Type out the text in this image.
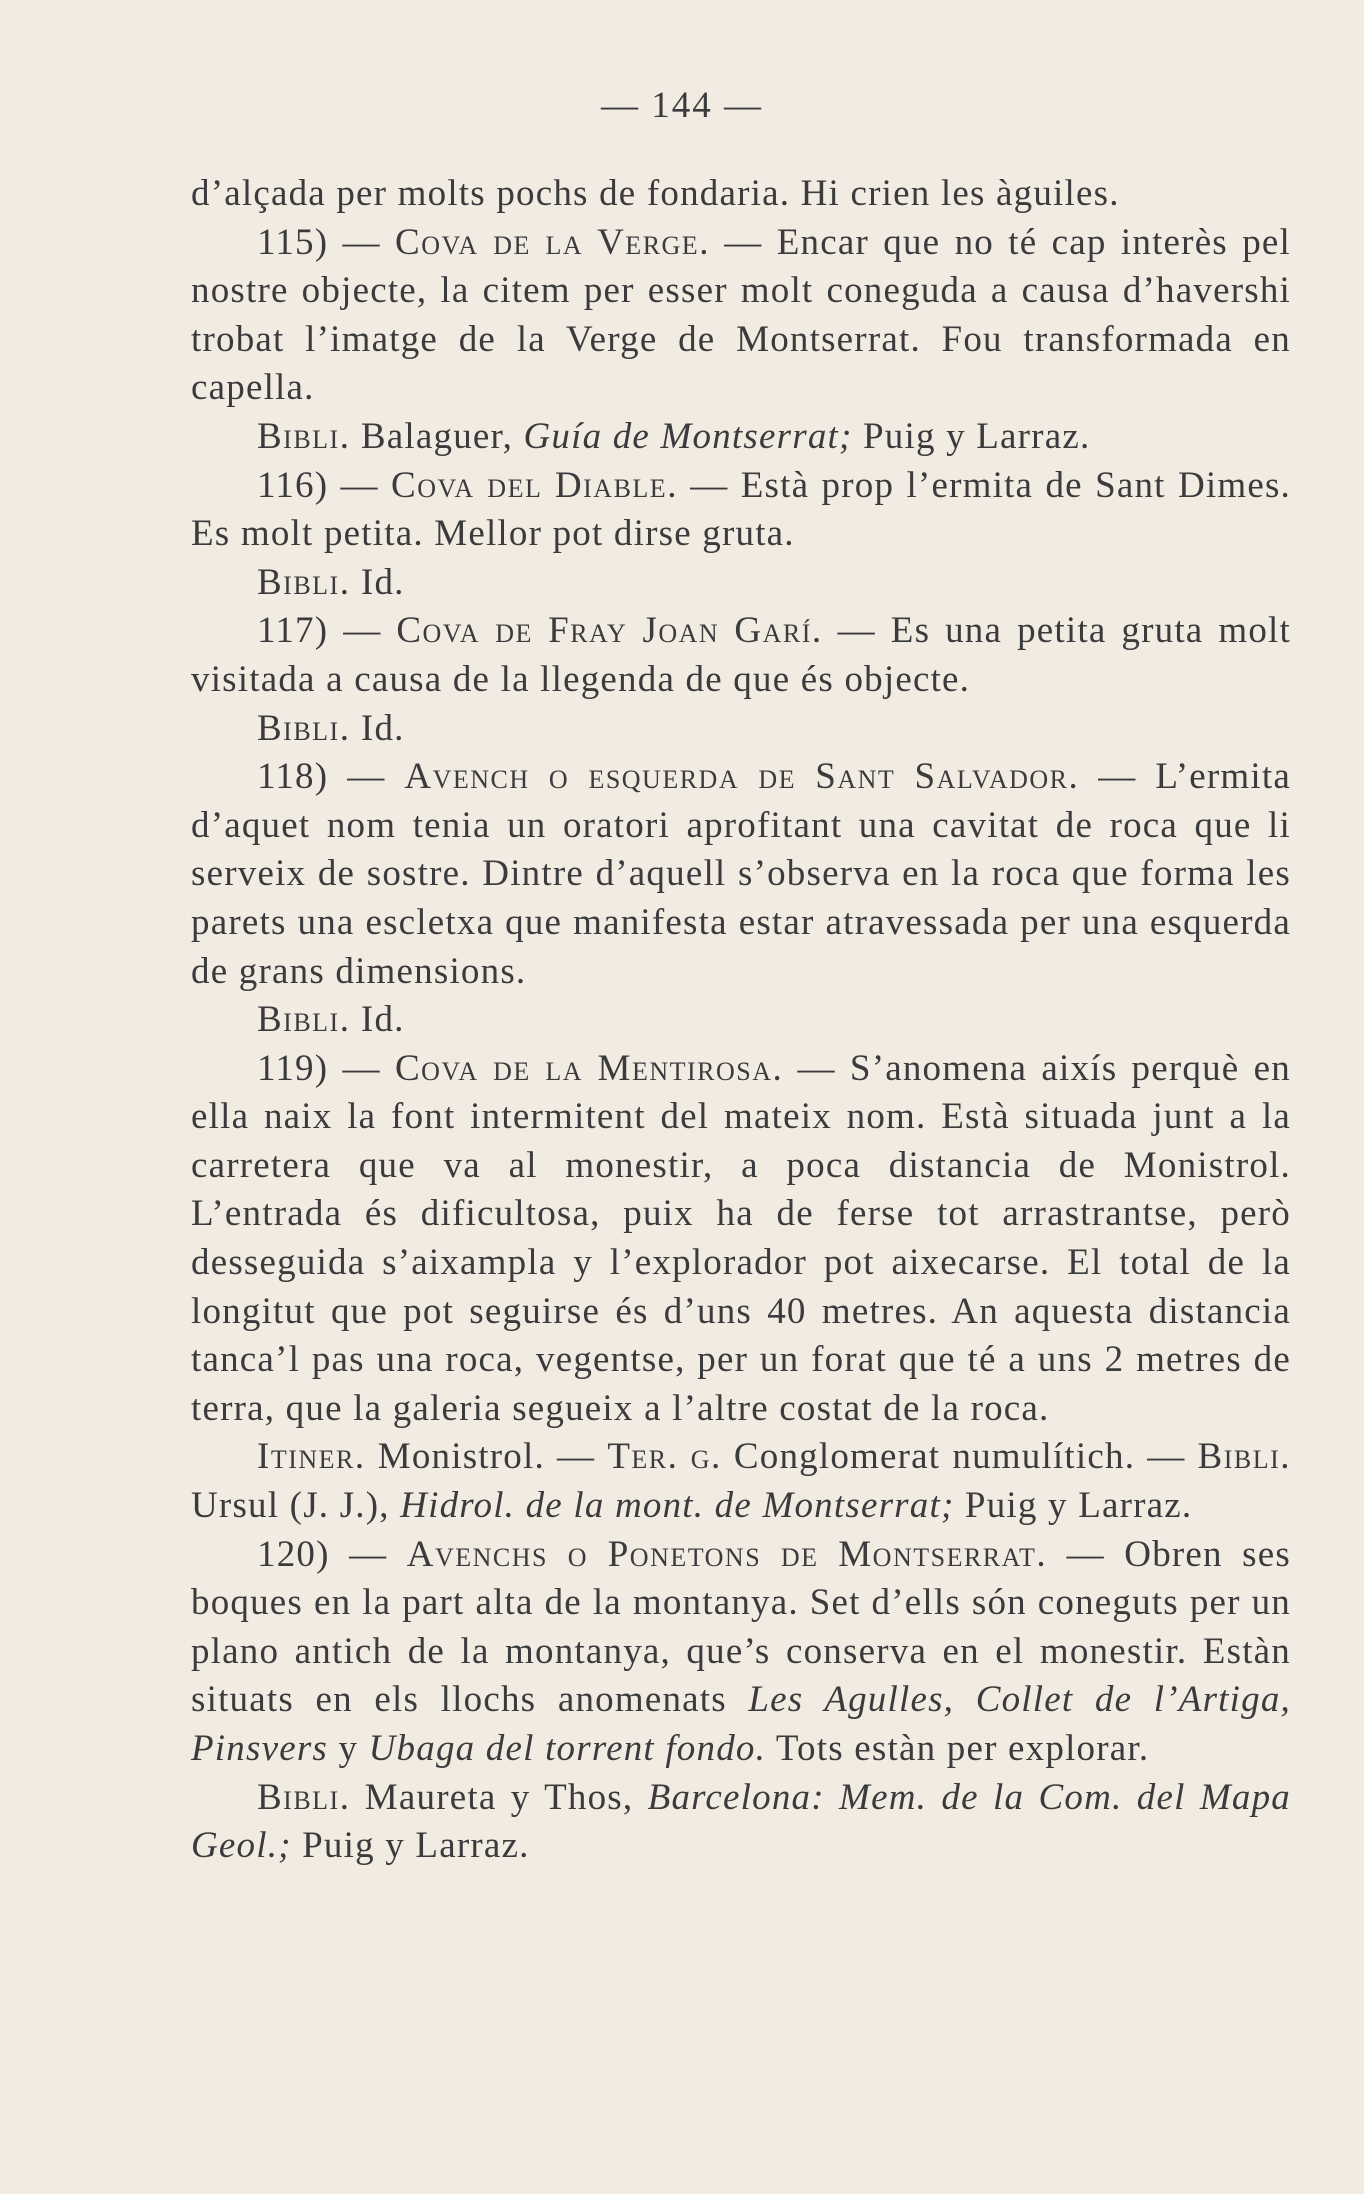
— 144 —

d’alçada per molts pochs de fondaria. Hi crien les àguiles.

115) — Cova de la Verge. — Encar que no té cap interès pel nostre objecte, la citem per esser molt coneguda a causa d’havershi trobat l’imatge de la Verge de Montserrat. Fou transformada en capella.

Bibli. Balaguer, Guía de Montserrat; Puig y Larraz.

116) — Cova del Diable. — Està prop l’ermita de Sant Dimes. Es molt petita. Mellor pot dirse gruta.

Bibli. Id.

117) — Cova de Fray Joan Garí. — Es una petita gruta molt visitada a causa de la llegenda de que és objecte.

Bibli. Id.

118) — Avench o esquerda de Sant Salvador. — L’ermita d’aquet nom tenia un oratori aprofitant una cavitat de roca que li serveix de sostre. Dintre d’aquell s’observa en la roca que forma les parets una escletxa que manifesta estar atravessada per una esquerda de grans dimensions.

Bibli. Id.

119) — Cova de la Mentirosa. — S’anomena aixís perquè en ella naix la font intermitent del mateix nom. Està situada junt a la carretera que va al monestir, a poca distancia de Monistrol. L’entrada és dificultosa, puix ha de ferse tot arrastrantse, però desseguida s’aixampla y l’explorador pot aixecarse. El total de la longitut que pot seguirse és d’uns 40 metres. An aquesta distancia tanca’l pas una roca, vegentse, per un forat que té a uns 2 metres de terra, que la galeria segueix a l’altre costat de la roca.

Itiner. Monistrol. — Ter. g. Conglomerat numulítich. — Bibli. Ursul (J. J.), Hidrol. de la mont. de Montserrat; Puig y Larraz.

120) — Avenchs o Ponetons de Montserrat. — Obren ses boques en la part alta de la montanya. Set d’ells són coneguts per un plano antich de la montanya, que’s conserva en el monestir. Estàn situats en els llochs anomenats Les Agulles, Collet de l’Artiga, Pinsvers y Ubaga del torrent fondo. Tots estàn per explorar.

Bibli. Maureta y Thos, Barcelona: Mem. de la Com. del Mapa Geol.; Puig y Larraz.
